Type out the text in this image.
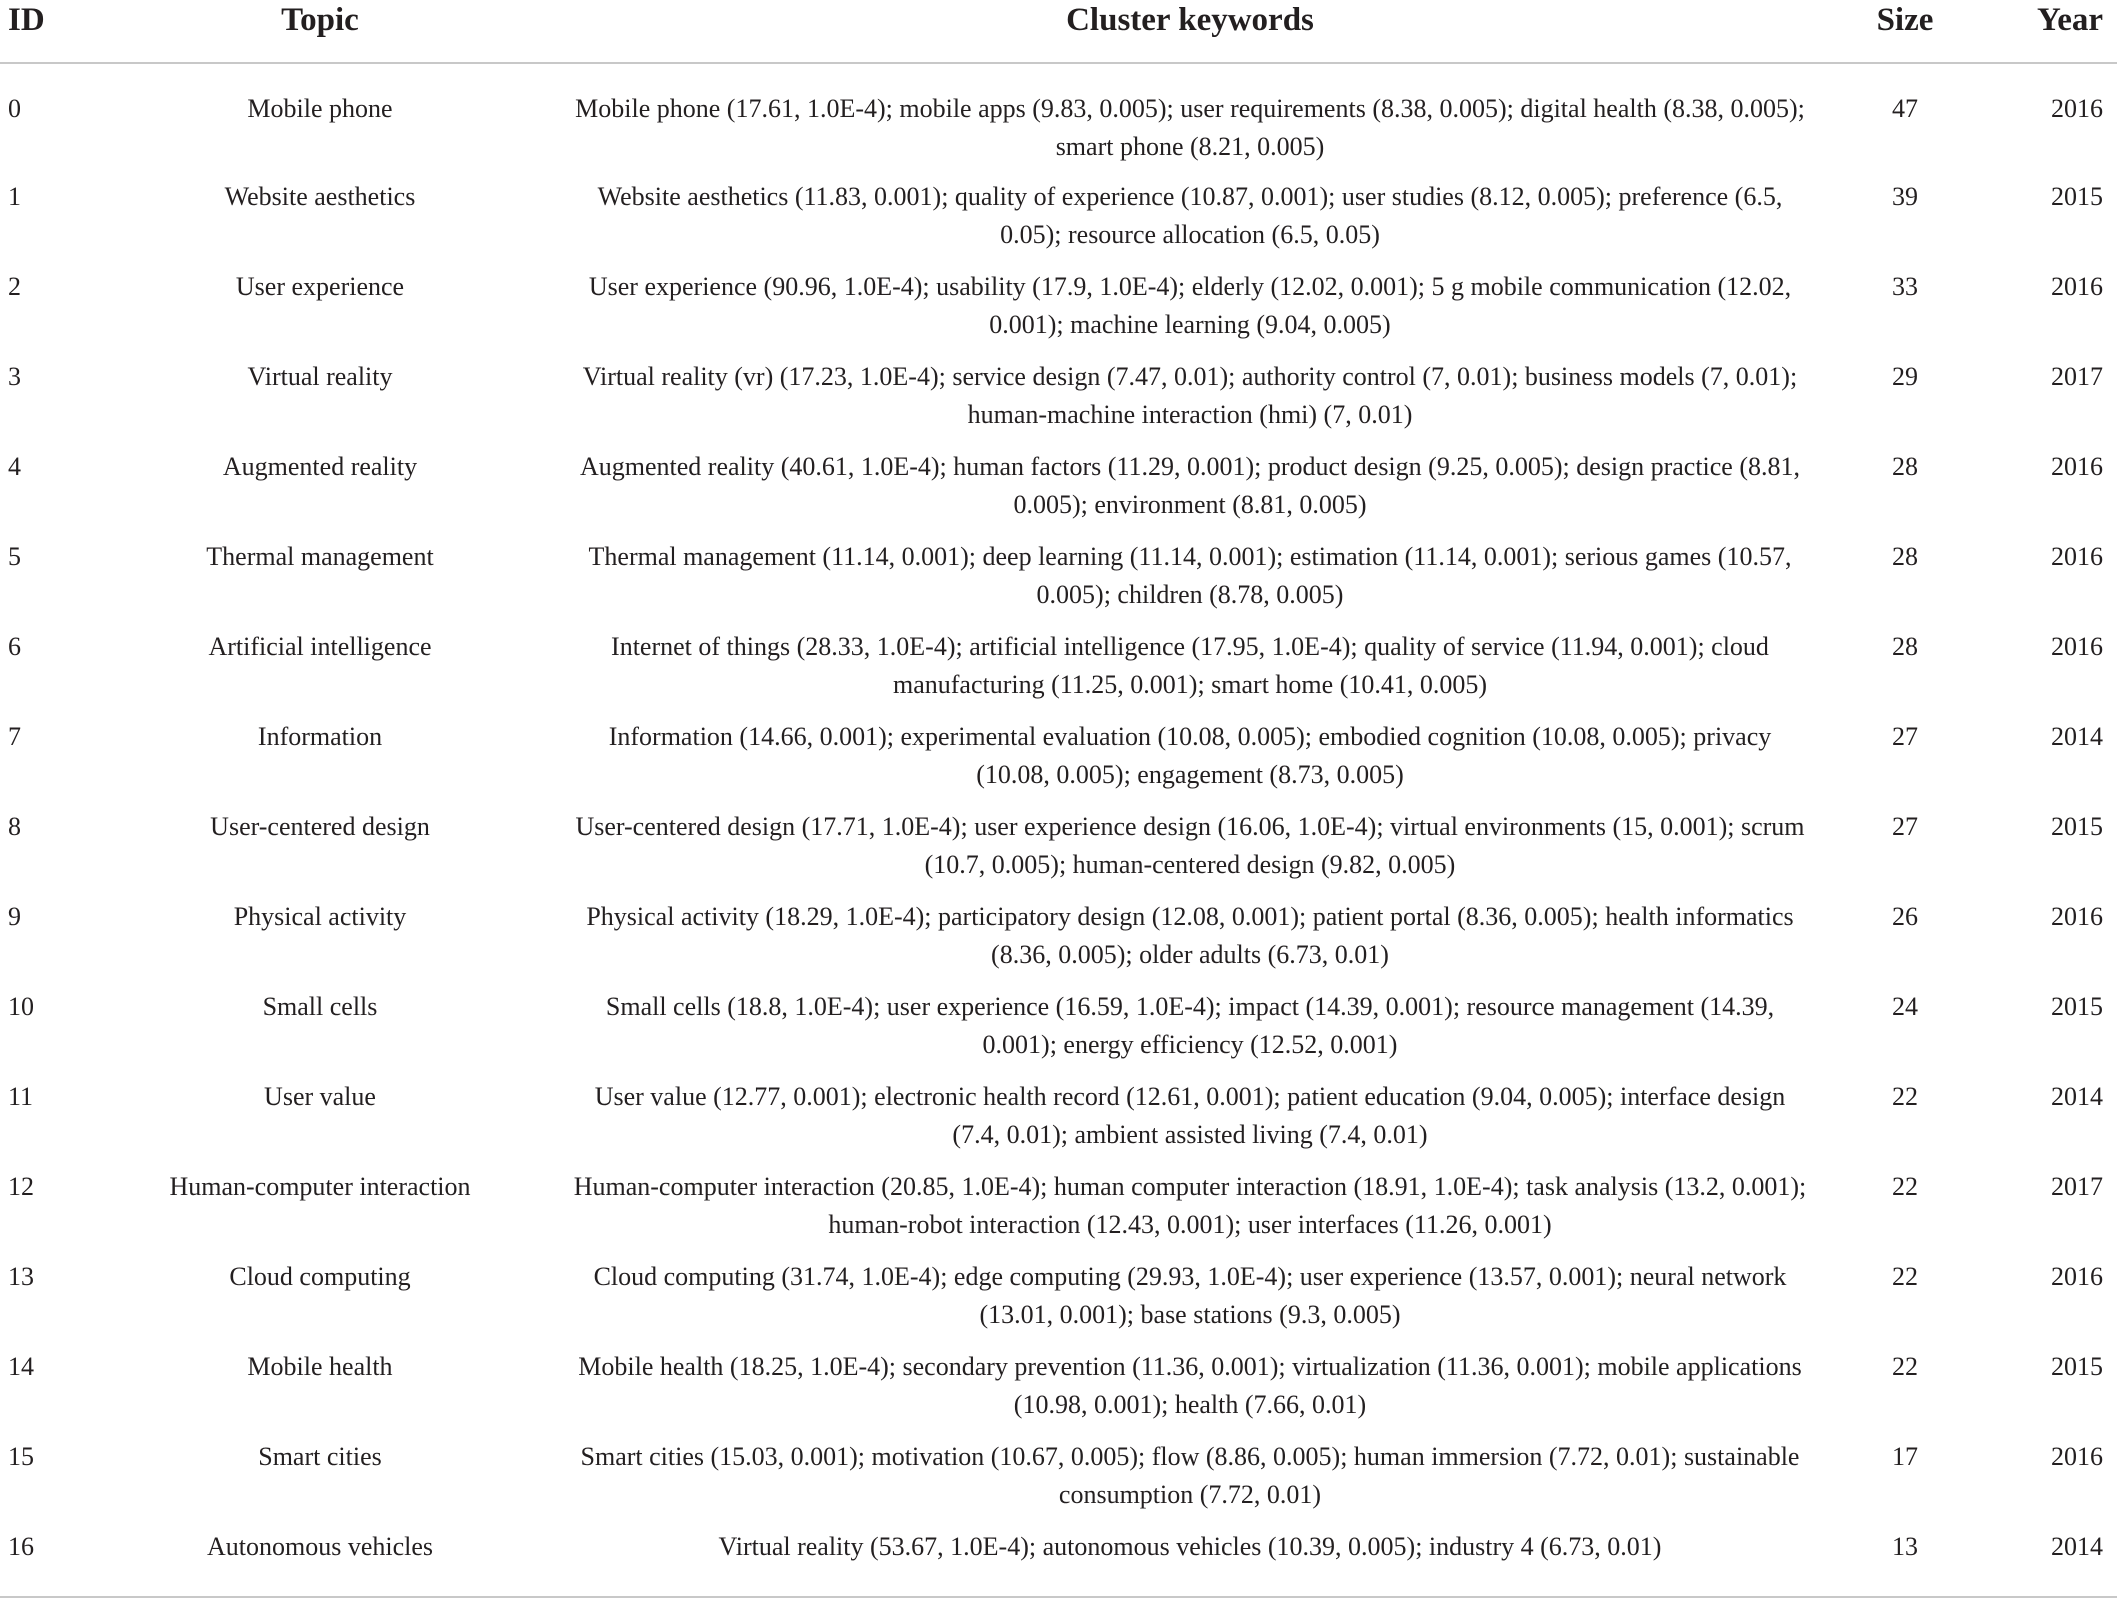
ID	Topic	Cluster keywords	Size	Year
0	Mobile phone	Mobile phone (17.61, 1.0E-4); mobile apps (9.83, 0.005); user requirements (8.38, 0.005); digital health (8.38, 0.005); smart phone (8.21, 0.005)	47	2016
1	Website aesthetics	Website aesthetics (11.83, 0.001); quality of experience (10.87, 0.001); user studies (8.12, 0.005); preference (6.5, 0.05); resource allocation (6.5, 0.05)	39	2015
2	User experience	User experience (90.96, 1.0E-4); usability (17.9, 1.0E-4); elderly (12.02, 0.001); 5 g mobile communication (12.02, 0.001); machine learning (9.04, 0.005)	33	2016
3	Virtual reality	Virtual reality (vr) (17.23, 1.0E-4); service design (7.47, 0.01); authority control (7, 0.01); business models (7, 0.01); human-machine interaction (hmi) (7, 0.01)	29	2017
4	Augmented reality	Augmented reality (40.61, 1.0E-4); human factors (11.29, 0.001); product design (9.25, 0.005); design practice (8.81, 0.005); environment (8.81, 0.005)	28	2016
5	Thermal management	Thermal management (11.14, 0.001); deep learning (11.14, 0.001); estimation (11.14, 0.001); serious games (10.57, 0.005); children (8.78, 0.005)	28	2016
6	Artificial intelligence	Internet of things (28.33, 1.0E-4); artificial intelligence (17.95, 1.0E-4); quality of service (11.94, 0.001); cloud manufacturing (11.25, 0.001); smart home (10.41, 0.005)	28	2016
7	Information	Information (14.66, 0.001); experimental evaluation (10.08, 0.005); embodied cognition (10.08, 0.005); privacy (10.08, 0.005); engagement (8.73, 0.005)	27	2014
8	User-centered design	User-centered design (17.71, 1.0E-4); user experience design (16.06, 1.0E-4); virtual environments (15, 0.001); scrum (10.7, 0.005); human-centered design (9.82, 0.005)	27	2015
9	Physical activity	Physical activity (18.29, 1.0E-4); participatory design (12.08, 0.001); patient portal (8.36, 0.005); health informatics (8.36, 0.005); older adults (6.73, 0.01)	26	2016
10	Small cells	Small cells (18.8, 1.0E-4); user experience (16.59, 1.0E-4); impact (14.39, 0.001); resource management (14.39, 0.001); energy efficiency (12.52, 0.001)	24	2015
11	User value	User value (12.77, 0.001); electronic health record (12.61, 0.001); patient education (9.04, 0.005); interface design (7.4, 0.01); ambient assisted living (7.4, 0.01)	22	2014
12	Human-computer interaction	Human-computer interaction (20.85, 1.0E-4); human computer interaction (18.91, 1.0E-4); task analysis (13.2, 0.001); human-robot interaction (12.43, 0.001); user interfaces (11.26, 0.001)	22	2017
13	Cloud computing	Cloud computing (31.74, 1.0E-4); edge computing (29.93, 1.0E-4); user experience (13.57, 0.001); neural network (13.01, 0.001); base stations (9.3, 0.005)	22	2016
14	Mobile health	Mobile health (18.25, 1.0E-4); secondary prevention (11.36, 0.001); virtualization (11.36, 0.001); mobile applications (10.98, 0.001); health (7.66, 0.01)	22	2015
15	Smart cities	Smart cities (15.03, 0.001); motivation (10.67, 0.005); flow (8.86, 0.005); human immersion (7.72, 0.01); sustainable consumption (7.72, 0.01)	17	2016
16	Autonomous vehicles	Virtual reality (53.67, 1.0E-4); autonomous vehicles (10.39, 0.005); industry 4 (6.73, 0.01)	13	2014
